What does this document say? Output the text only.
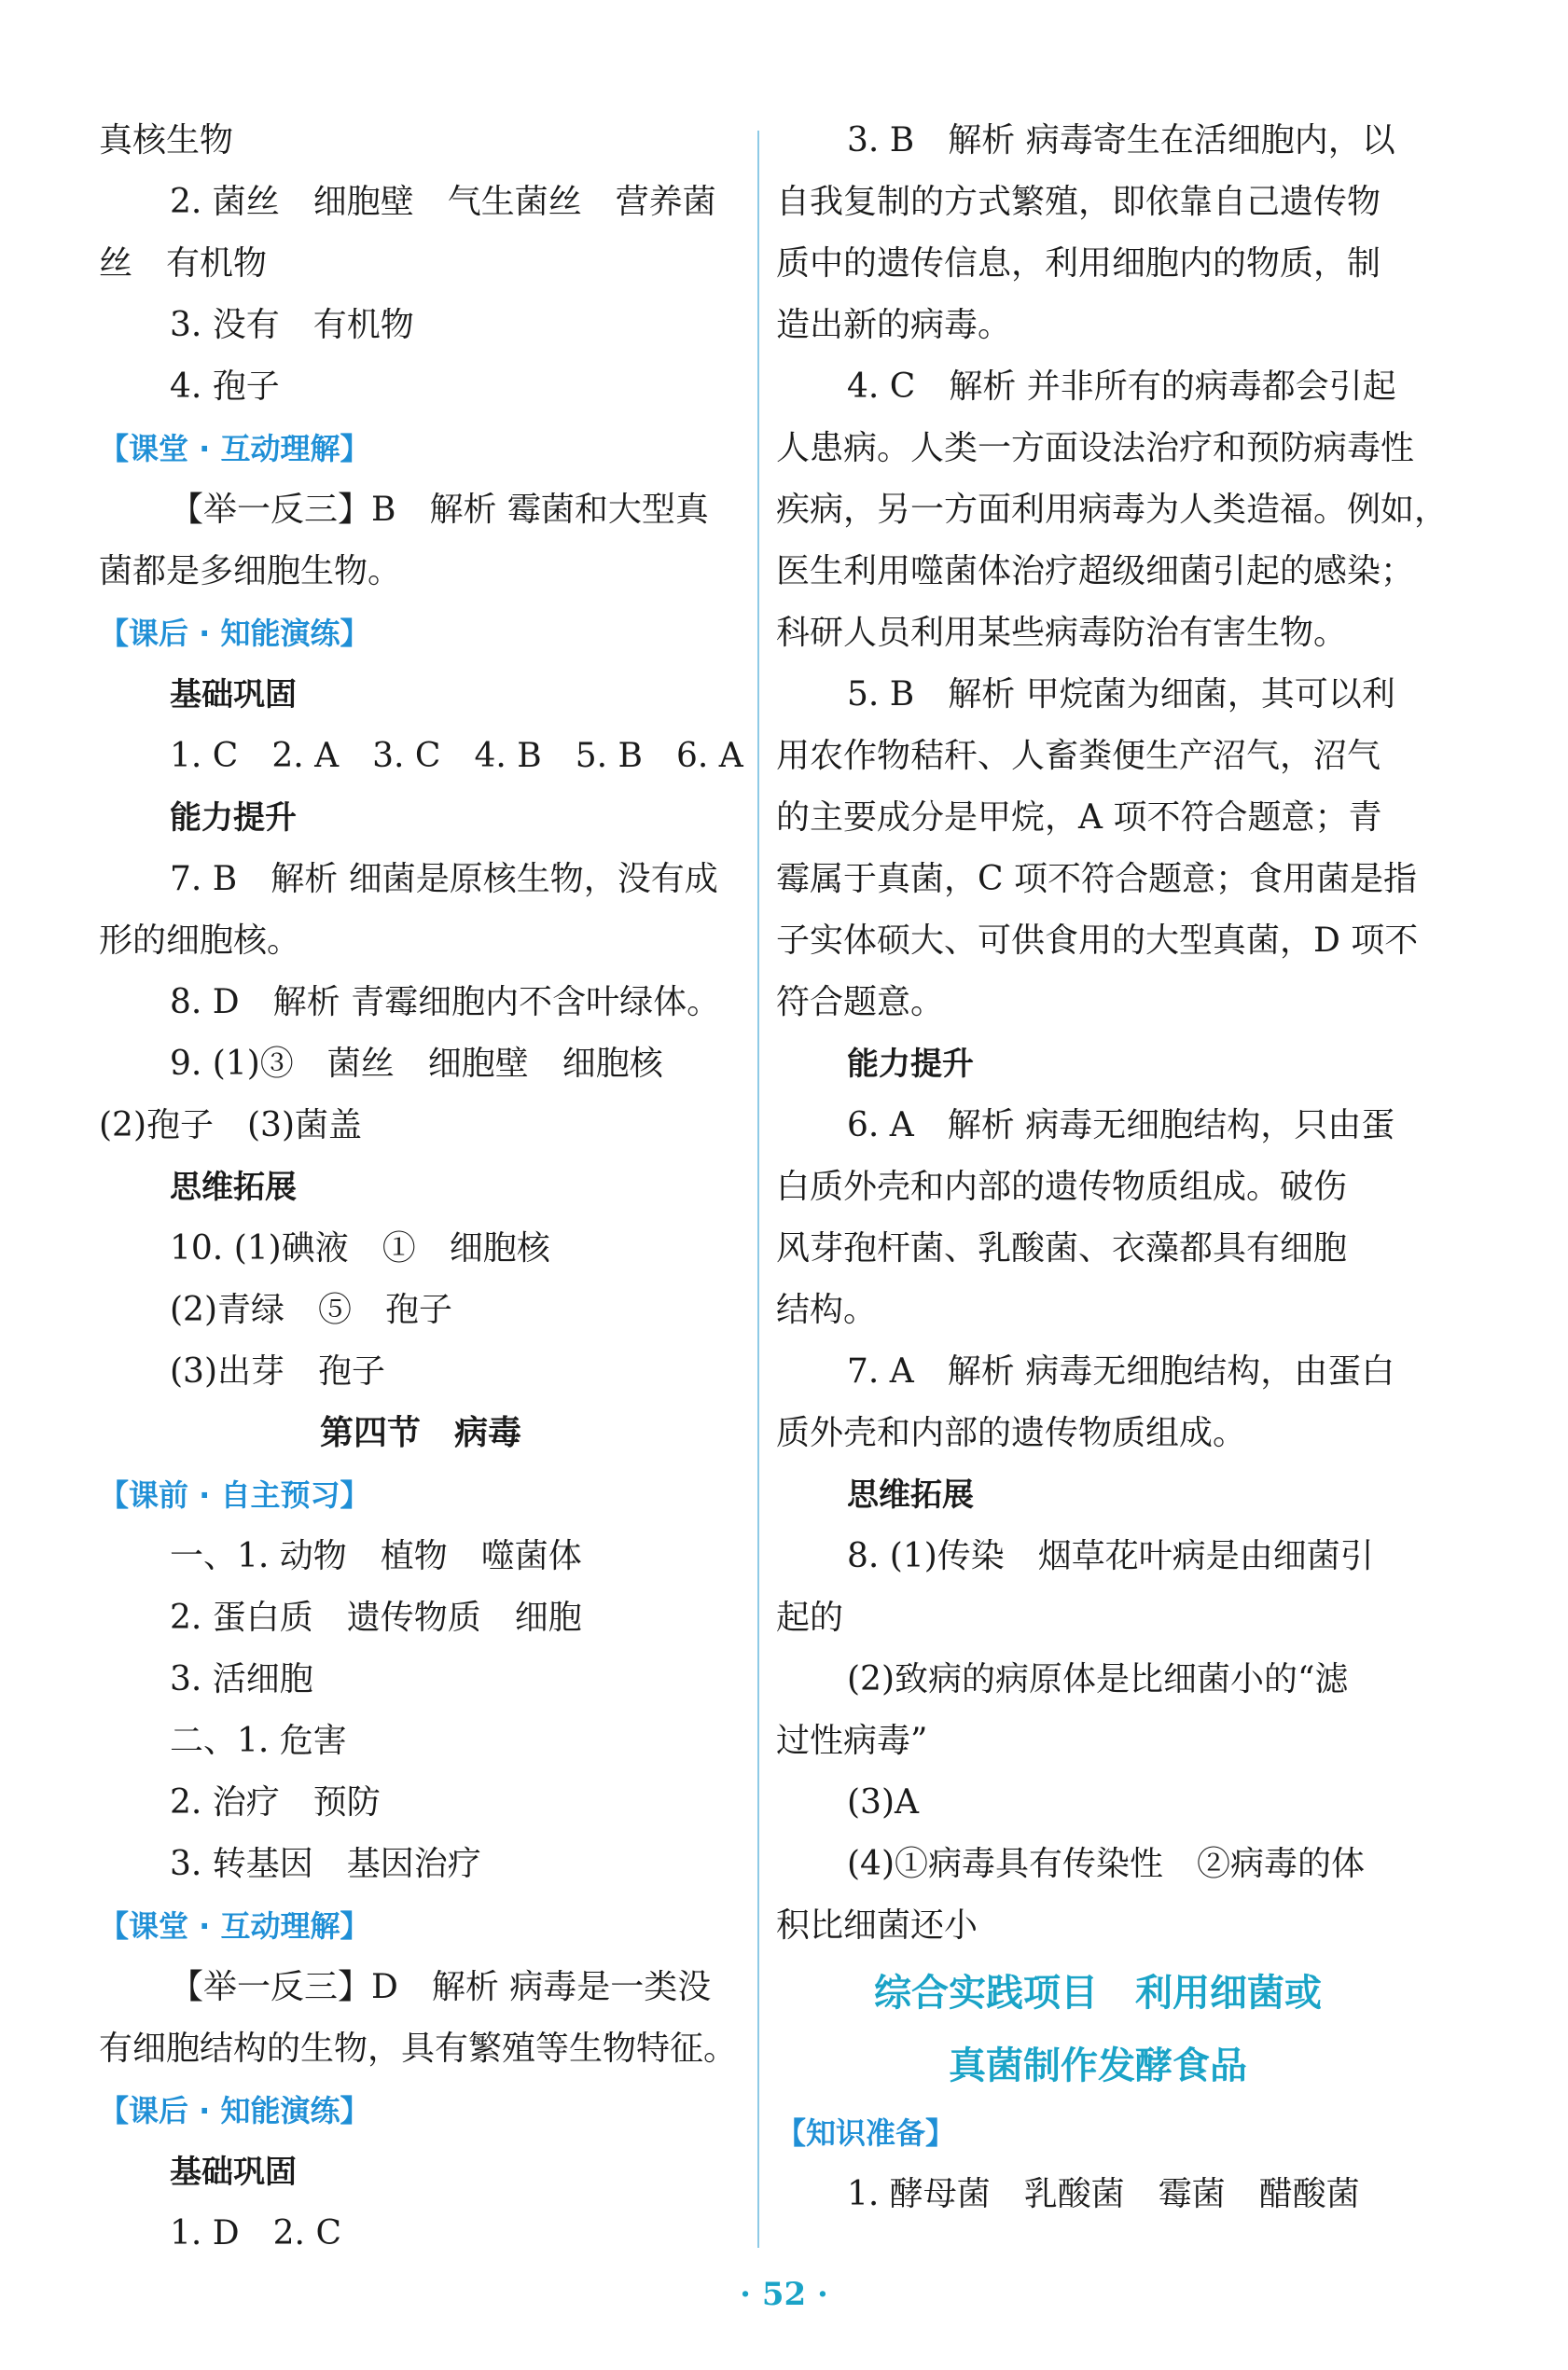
真核生物

2. 菌丝　细胞壁　气生菌丝　营养菌

丝　有机物

3. 没有　有机物

4. 孢子

【课堂 · 互动理解】

【举一反三】B　解析 霉菌和大型真

菌都是多细胞生物。

【课后 · 知能演练】

基础巩固

1. C　2. A　3. C　4. B　5. B　6. A

能力提升

7. B　解析 细菌是原核生物，没有成

形的细胞核。

8. D　解析 青霉细胞内不含叶绿体。

9. (1)③　菌丝　细胞壁　细胞核

(2)孢子　(3)菌盖

思维拓展

10. (1)碘液　①　细胞核

(2)青绿　⑤　孢子

(3)出芽　孢子

第四节　病毒

【课前 · 自主预习】

一、1. 动物　植物　噬菌体

2. 蛋白质　遗传物质　细胞

3. 活细胞

二、1. 危害

2. 治疗　预防

3. 转基因　基因治疗

【课堂 · 互动理解】

【举一反三】D　解析 病毒是一类没

有细胞结构的生物，具有繁殖等生物特征。

【课后 · 知能演练】

基础巩固

1. D　2. C

3. B　解析 病毒寄生在活细胞内，以

自我复制的方式繁殖，即依靠自己遗传物

质中的遗传信息，利用细胞内的物质，制

造出新的病毒。

4. C　解析 并非所有的病毒都会引起

人患病。人类一方面设法治疗和预防病毒性

疾病，另一方面利用病毒为人类造福。例如，

医生利用噬菌体治疗超级细菌引起的感染；

科研人员利用某些病毒防治有害生物。

5. B　解析 甲烷菌为细菌，其可以利

用农作物秸秆、人畜粪便生产沼气，沼气

的主要成分是甲烷，A 项不符合题意；青

霉属于真菌，C 项不符合题意；食用菌是指

子实体硕大、可供食用的大型真菌，D 项不

符合题意。

能力提升

6. A　解析 病毒无细胞结构，只由蛋

白质外壳和内部的遗传物质组成。破伤

风芽孢杆菌、乳酸菌、衣藻都具有细胞

结构。

7. A　解析 病毒无细胞结构，由蛋白

质外壳和内部的遗传物质组成。

思维拓展

8. (1)传染　烟草花叶病是由细菌引

起的

(2)致病的病原体是比细菌小的“滤

过性病毒”

(3)A

(4)①病毒具有传染性　②病毒的体

积比细菌还小

综合实践项目　利用细菌或

真菌制作发酵食品

【知识准备】

1. 酵母菌　乳酸菌　霉菌　醋酸菌

· 52 ·
